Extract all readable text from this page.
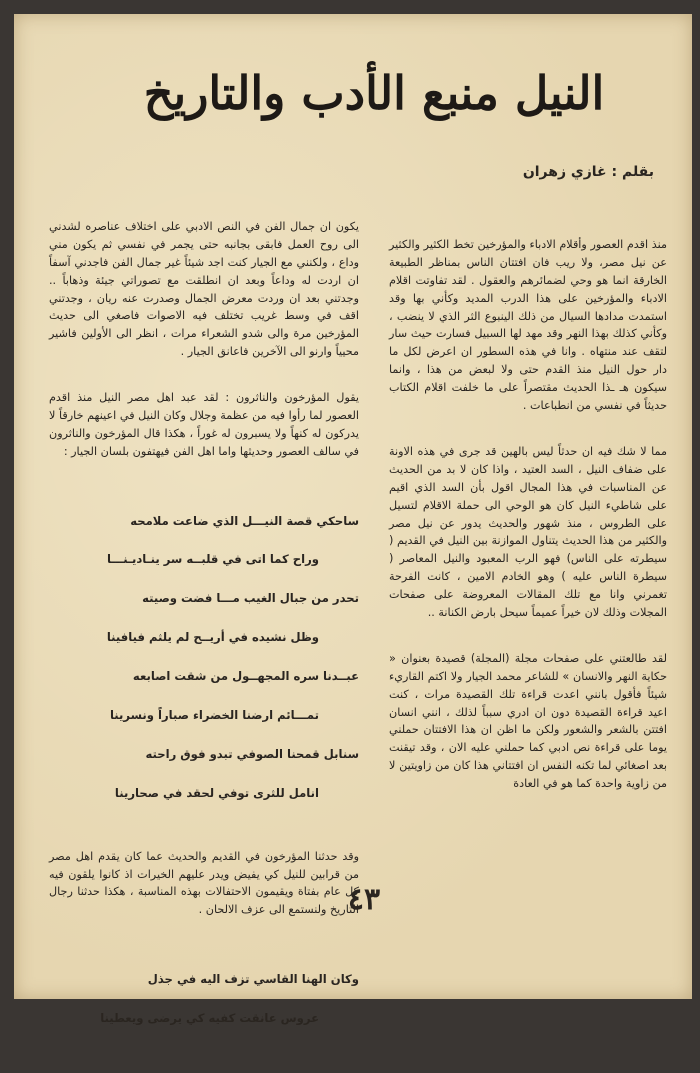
النيل منبع الأدب والتاريخ
بقلم : غازي زهران

منذ اقدم العصور وأقلام الادباء والمؤرخين تخط الكثير والكثير عن نيل مصر، ولا ريب فان افتتان الناس بمناظر الطبيعة الخارقة انما هو وحي لضمائرهم والعقول . لقد تفاوتت اقلام الادباء والمؤرخين على هذا الدرب المديد وكأني بها وقد استمدت مدادها السيال من ذلك الينبوع الثر الذي لا ينضب ، وكأني كذلك بهذا النهر وقد مهد لها السبيل فسارت حيث سار لتقف عند منتهاه . وانا في هذه السطور ان اعرض لكل ما دار حول النيل منذ القدم حتى ولا لبعض من هذا ، وانما سيكون هـ ـذا الحديث مقتصراً على ما خلفت اقلام الكتاب حديثاً في نفسي من انطباعات .

مما لا شك فيه ان حدثاً ليس بالهين قد جرى في هذه الاونة على ضفاف النيل ، السد العتيد ، واذا كان لا بد من الحديث عن المناسبات في هذا المجال اقول بأن السد الذي اقيم على شاطيء النيل كان هو الوحي الى حملة الاقلام لتسيل على الطروس ، منذ شهور والحديث يدور عن نيل مصر والكثير من هذا الحديث يتناول الموازنة بين النيل في القديم ( سيطرته على الناس) فهو الرب المعبود والنيل المعاصر ( سيطرة الناس عليه ) وهو الخادم الامين ، كانت الفرحة تغمرني وانا مع تلك المقالات المعروضة على صفحات المجلات وذلك لان خيراً عميماً سيحل بارض الكنانة ..

لقد طالعتني على صفحات مجلة (المجلة) قصيدة بعنوان « حكاية النهر والانسان » للشاعر محمد الجيار ولا اكتم القاريء شيئاً فأقول بانني اعدت قراءة تلك القصيدة مرات ، كنت اعيد قراءة القصيدة دون ان ادري سبباً لذلك ، انني انسان افتتن بالشعر والشعور ولكن ما اظن ان هذا الافتتان حملني يوما على قراءة نص ادبي كما حملني عليه الان ، وقد تيقنت بعد اصغائي لما تكنه النفس ان افتتاني هذا كان من زاويتين لا من زاوية واحدة كما هو في العادة

يكون ان جمال الفن في النص الادبي على اختلاف عناصره لشدني الى روح العمل فابقى بجانبه حتى يجمر في نفسي ثم يكون مني وداع ، ولكنني مع الجيار كنت اجد شيئاً غير جمال الفن فاجدني آسفاً ان اردت له وداعاً وبعد ان انطلقت مع تصوراتي جيئة وذهاباً .. وجدتني بعد ان وردت معرض الجمال وصدرت عنه ريان ، وجدتني اقف في وسط غريب تختلف فيه الاصوات فاصغي الى حديث المؤرخين مرة والى شدو الشعراء مرات ، انظر الى الأولين فاشير محيياً وارنو الى الآخرين فاعانق الجيار .

يقول المؤرخون والناثرون : لقد عبد اهل مصر النيل منذ اقدم العصور لما رأوا فيه من عظمة وجلال وكان النيل في اعينهم خارقاً لا يدركون له كنهاً ولا يسبرون له غوراً ، هكذا قال المؤرخون والناثرون في سالف العصور وحديثها واما اهل الفن فيهتفون بلسان الجيار :

ساحكي قصة النيـــل الذي ضاعت ملامحه

وراح كما اتى في قلبــه سر ينـاديـنـــا

تحدر من جبال الغيب مـــا فضت وصيته

وظل نشيده في أريــح لم يلثم فيافينا

عبــدنا سره المجهــول من شقت اصابعه

تمـــائم ارضنا الخضراء صباراً ونسرينا

سنابل قمحنا الصوفي تبدو فوق راحته

انامل للثرى توفي لحقد في صحارينا

وقد حدثنا المؤرخون في القديم والحديث عما كان يقدم اهل مصر من قرابين للنيل كي يفيض ويدر عليهم الخيرات اذ كانوا يلقون فيه كل عام بفتاة ويقيمون الاحتفالات بهذه المناسبة ، هكذا حدثنا رجال التاريخ ولنستمع الى عزف الالحان .

وكان الهنا القاسي تزف اليه في جذل

عروس عانقت كفيه كي يرضى ويعطينا

٤٣
